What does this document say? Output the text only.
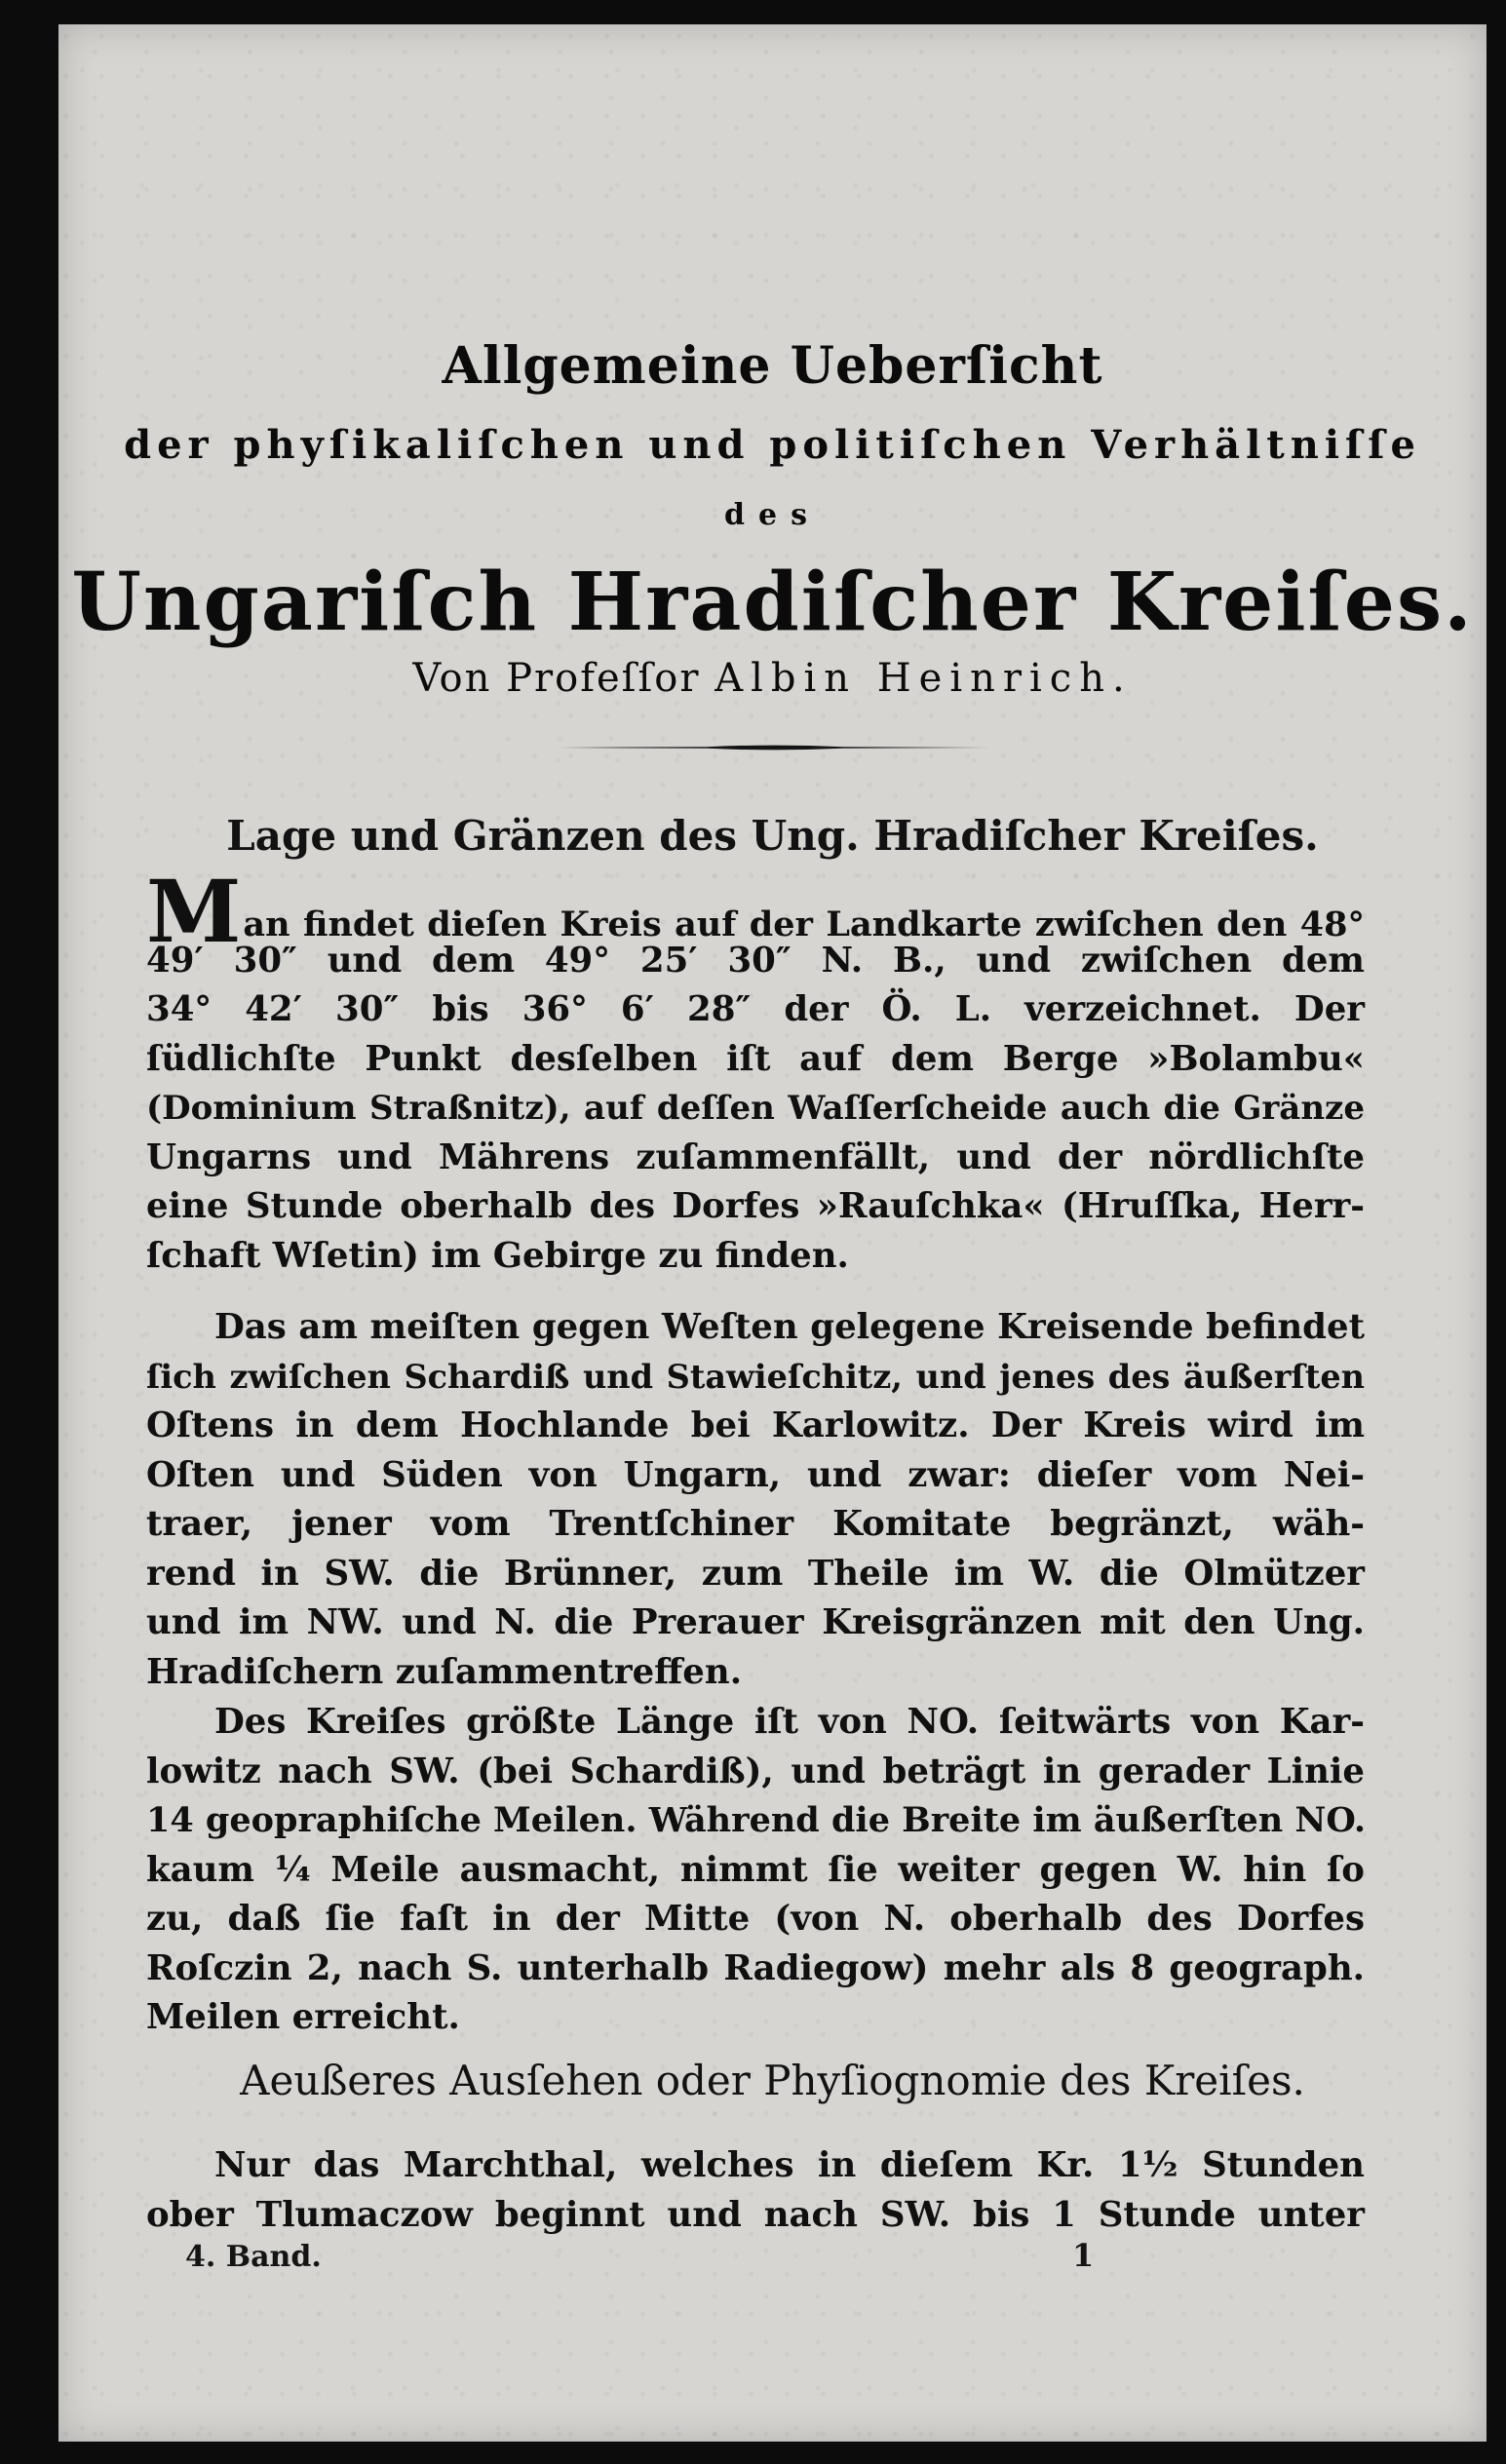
Allgemeine Ueberſicht
der phyſikaliſchen und politiſchen Verhältniſſe
des
Ungariſch Hradiſcher Kreiſes.
Von Profeſſor Albin Heinrich.
Lage und Gränzen des Ung. Hradiſcher Kreiſes.
Man findet dieſen Kreis auf der Landkarte zwiſchen den 48°
49′ 30″ und dem 49° 25′ 30″ N. B., und zwiſchen dem
34° 42′ 30″ bis 36° 6′ 28″ der Ö. L. verzeichnet. Der
ſüdlichſte Punkt desſelben iſt auf dem Berge »Bolambu«
(Dominium Straßnitz), auf deſſen Waſſerſcheide auch die Gränze
Ungarns und Mährens zuſammenfällt, und der nördlichſte
eine Stunde oberhalb des Dorfes »Rauſchka« (Hruſſka, Herr-
ſchaft Wſetin) im Gebirge zu finden.
Das am meiſten gegen Weſten gelegene Kreisende befindet
ſich zwiſchen Schardiß und Stawieſchitz, und jenes des äußerſten
Oſtens in dem Hochlande bei Karlowitz. Der Kreis wird im
Oſten und Süden von Ungarn, und zwar: dieſer vom Nei-
traer, jener vom Trentſchiner Komitate begränzt, wäh-
rend in SW. die Brünner, zum Theile im W. die Olmützer
und im NW. und N. die Prerauer Kreisgränzen mit den Ung.
Hradiſchern zuſammentreffen.
Des Kreiſes größte Länge iſt von NO. ſeitwärts von Kar-
lowitz nach SW. (bei Schardiß), und beträgt in gerader Linie
14 geopraphiſche Meilen. Während die Breite im äußerſten NO.
kaum ¼ Meile ausmacht, nimmt ſie weiter gegen W. hin ſo
zu, daß ſie faſt in der Mitte (von N. oberhalb des Dorfes
Roſczin 2, nach S. unterhalb Radiegow) mehr als 8 geograph.
Meilen erreicht.
Aeußeres Ausſehen oder Phyſiognomie des Kreiſes.
Nur das Marchthal, welches in dieſem Kr. 1½ Stunden
ober Tlumaczow beginnt und nach SW. bis 1 Stunde unter
4. Band.	1
